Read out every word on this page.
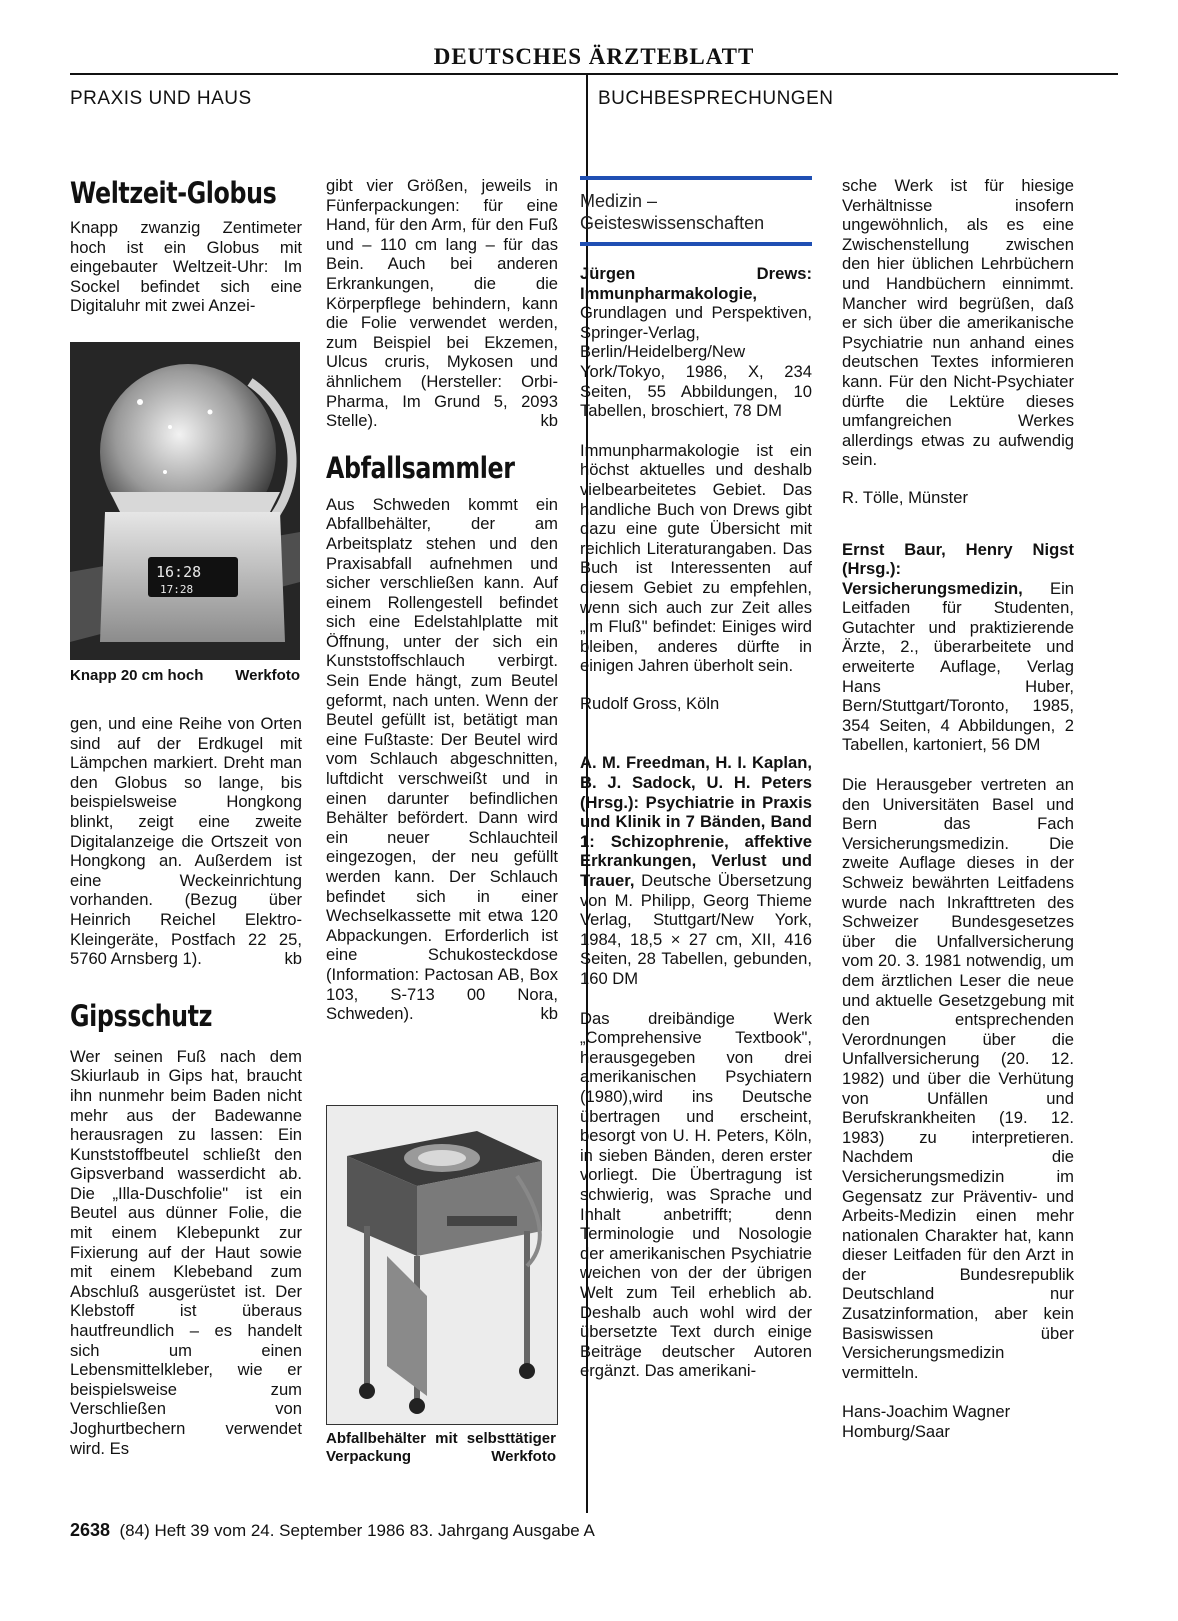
DEUTSCHES ÄRZTEBLATT
PRAXIS UND HAUS	BUCHBESPRECHUNGEN
Weltzeit-Globus

Knapp zwanzig Zentimeter hoch ist ein Globus mit eingebauter Weltzeit-Uhr: Im Sockel befindet sich eine Digitaluhr mit zwei Anzei-

16:28
17:28
Knapp 20 cm hoch Werkfoto

gen, und eine Reihe von Orten sind auf der Erdkugel mit Lämpchen markiert. Dreht man den Globus so lange, bis beispielsweise Hongkong blinkt, zeigt eine zweite Digitalanzeige die Ortszeit von Hongkong an. Außerdem ist eine Weckeinrichtung vorhanden. (Bezug über Heinrich Reichel Elektro-Kleingeräte, Postfach 22 25, 5760 Arnsberg 1).	kb

Gipsschutz

Wer seinen Fuß nach dem Skiurlaub in Gips hat, braucht ihn nunmehr beim Baden nicht mehr aus der Badewanne herausragen zu lassen: Ein Kunststoffbeutel schließt den Gipsverband wasserdicht ab. Die „Illa-Duschfolie" ist ein Beutel aus dünner Folie, die mit einem Klebepunkt zur Fixierung auf der Haut sowie mit einem Klebeband zum Abschluß ausgerüstet ist. Der Klebstoff ist überaus hautfreundlich – es handelt sich um einen Lebensmittelkleber, wie er beispielsweise zum Verschließen von Joghurtbechern verwendet wird. Es

gibt vier Größen, jeweils in Fünferpackungen: für eine Hand, für den Arm, für den Fuß und – 110 cm lang – für das Bein. Auch bei anderen Erkrankungen, die die Körperpflege behindern, kann die Folie verwendet werden, zum Beispiel bei Ekzemen, Ulcus cruris, Mykosen und ähnlichem (Hersteller: Orbi-Pharma, Im Grund 5, 2093 Stelle).	kb

Abfallsammler

Aus Schweden kommt ein Abfallbehälter, der am Arbeitsplatz stehen und den Praxisabfall aufnehmen und sicher verschließen kann. Auf einem Rollengestell befindet sich eine Edelstahlplatte mit Öffnung, unter der sich ein Kunststoffschlauch verbirgt. Sein Ende hängt, zum Beutel geformt, nach unten. Wenn der Beutel gefüllt ist, betätigt man eine Fußtaste: Der Beutel wird vom Schlauch abgeschnitten, luftdicht verschweißt und in einen darunter befindlichen Behälter befördert. Dann wird ein neuer Schlauchteil eingezogen, der neu gefüllt werden kann. Der Schlauch befindet sich in einer Wechselkassette mit etwa 120 Abpackungen. Erforderlich ist eine Schukosteckdose (Information: Pactosan AB, Box 103, S-713 00 Nora, Schweden).	kb

Abfallbehälter mit selbsttätiger Verpackung	Werkfoto
Medizin – Geisteswissenschaften

Jürgen Drews: Immunpharmakologie, Grundlagen und Perspektiven, Springer-Verlag, Berlin/Heidelberg/New York/Tokyo, 1986, X, 234 Seiten, 55 Abbildungen, 10 Tabellen, broschiert, 78 DM

Immunpharmakologie ist ein höchst aktuelles und deshalb vielbearbeitetes Gebiet. Das handliche Buch von Drews gibt dazu eine gute Übersicht mit reichlich Literaturangaben. Das Buch ist Interessenten auf diesem Gebiet zu empfehlen, wenn sich auch zur Zeit alles „im Fluß" befindet: Einiges wird bleiben, anderes dürfte in einigen Jahren überholt sein.

Rudolf Gross, Köln

A. M. Freedman, H. I. Kaplan, B. J. Sadock, U. H. Peters (Hrsg.): Psychiatrie in Praxis und Klinik in 7 Bänden, Band 1: Schizophrenie, affektive Erkrankungen, Verlust und Trauer, Deutsche Übersetzung von M. Philipp, Georg Thieme Verlag, Stuttgart/New York, 1984, 18,5 × 27 cm, XII, 416 Seiten, 28 Tabellen, gebunden, 160 DM

Das dreibändige Werk „Comprehensive Textbook", herausgegeben von drei amerikanischen Psychiatern (1980),wird ins Deutsche übertragen und erscheint, besorgt von U. H. Peters, Köln, in sieben Bänden, deren erster vorliegt. Die Übertragung ist schwierig, was Sprache und Inhalt anbetrifft; denn Terminologie und Nosologie der amerikanischen Psychiatrie weichen von der der übrigen Welt zum Teil erheblich ab. Deshalb auch wohl wird der übersetzte Text durch einige Beiträge deutscher Autoren ergänzt. Das amerikani-

sche Werk ist für hiesige Verhältnisse insofern ungewöhnlich, als es eine Zwischenstellung zwischen den hier üblichen Lehrbüchern und Handbüchern einnimmt. Mancher wird begrüßen, daß er sich über die amerikanische Psychiatrie nun anhand eines deutschen Textes informieren kann. Für den Nicht-Psychiater dürfte die Lektüre dieses umfangreichen Werkes allerdings etwas zu aufwendig sein.

R. Tölle, Münster

Ernst Baur, Henry Nigst (Hrsg.): Versicherungsmedizin, Ein Leitfaden für Studenten, Gutachter und praktizierende Ärzte, 2., überarbeitete und erweiterte Auflage, Verlag Hans Huber, Bern/Stuttgart/Toronto, 1985, 354 Seiten, 4 Abbildungen, 2 Tabellen, kartoniert, 56 DM

Die Herausgeber vertreten an den Universitäten Basel und Bern das Fach Versicherungsmedizin. Die zweite Auflage dieses in der Schweiz bewährten Leitfadens wurde nach Inkrafttreten des Schweizer Bundesgesetzes über die Unfallversicherung vom 20. 3. 1981 notwendig, um dem ärztlichen Leser die neue und aktuelle Gesetzgebung mit den entsprechenden Verordnungen über die Unfallversicherung (20. 12. 1982) und über die Verhütung von Unfällen und Berufskrankheiten (19. 12. 1983) zu interpretieren. Nachdem die Versicherungsmedizin im Gegensatz zur Präventiv- und Arbeits-Medizin einen mehr nationalen Charakter hat, kann dieser Leitfaden für den Arzt in der Bundesrepublik Deutschland nur Zusatzinformation, aber kein Basiswissen über Versicherungsmedizin vermitteln.

Hans-Joachim Wagner
Homburg/Saar

2638 (84) Heft 39 vom 24. September 1986 83. Jahrgang Ausgabe A
